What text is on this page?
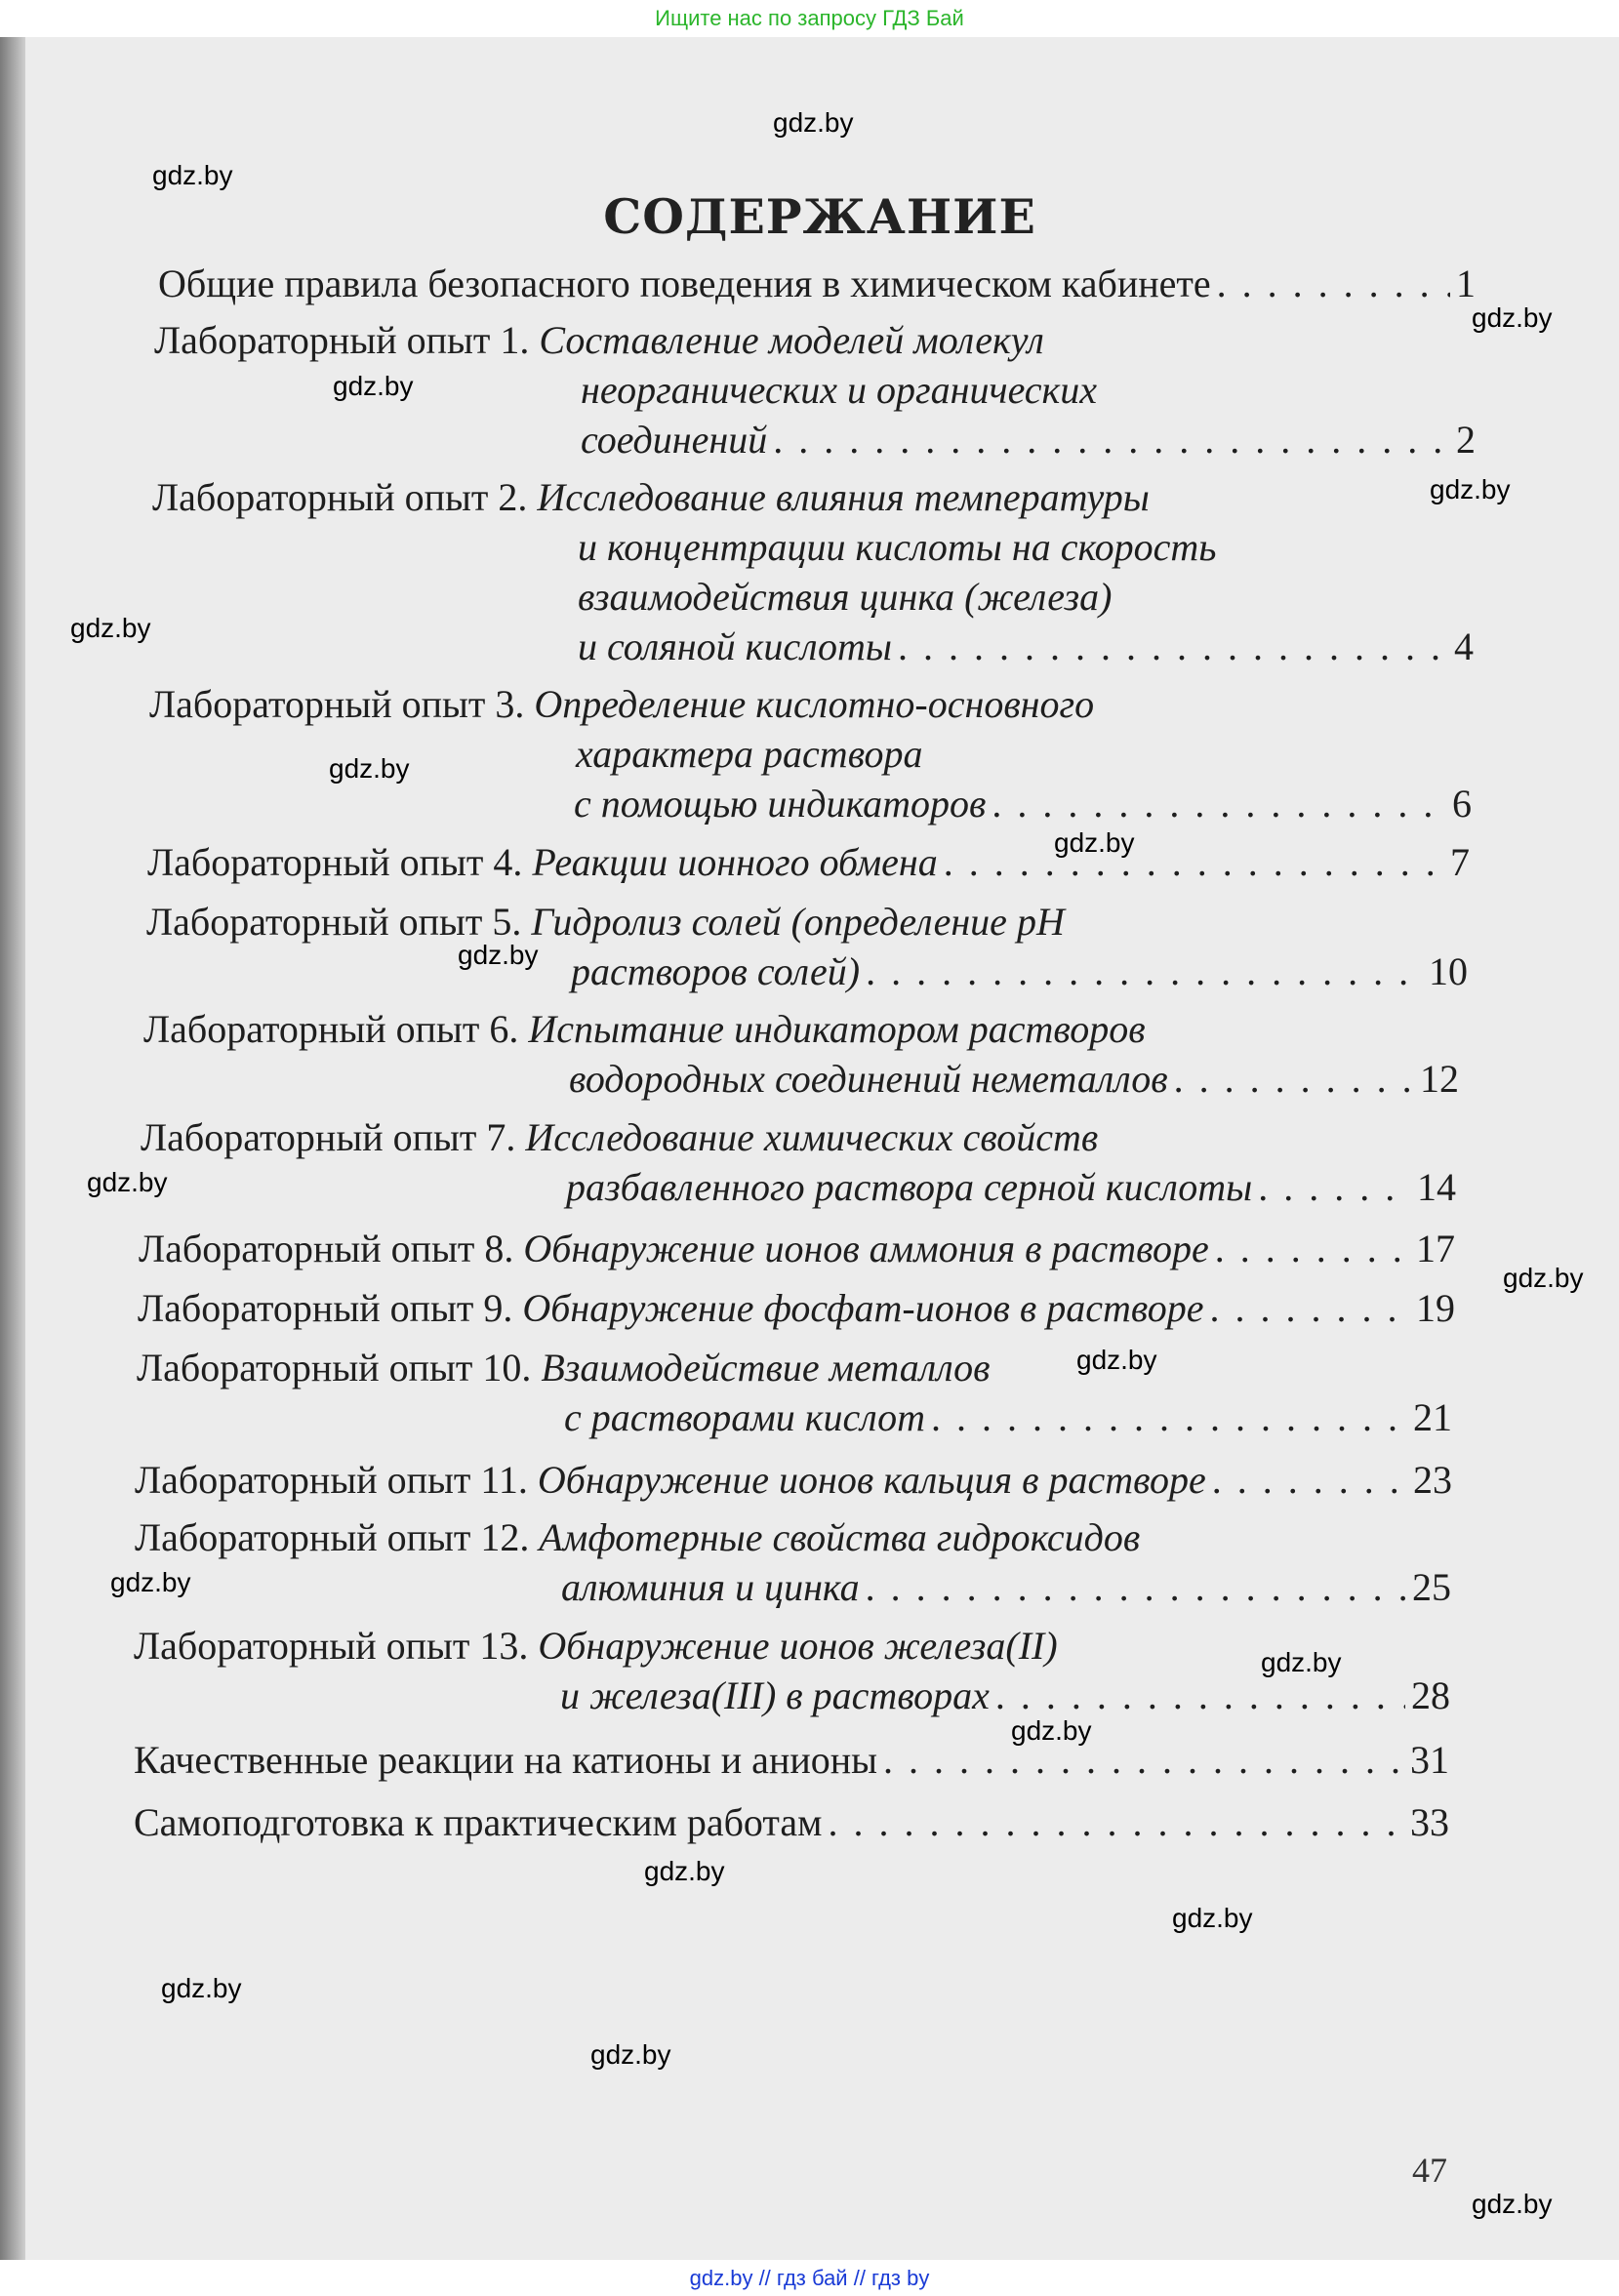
Ищите нас по запросу ГДЗ Бай
СОДЕРЖАНИЕ
Общие правила безопасного поведения в химическом кабинете . . .	1
Лабораторный опыт 1. Составление моделей молекул
неорганических и органических
соединений . . .	2
Лабораторный опыт 2. Исследование влияния температуры
и концентрации кислоты на скорость
взаимодействия цинка (железа)
и соляной кислоты . . .	4
Лабораторный опыт 3. Определение кислотно-основного
характера раствора
с помощью индикаторов . . .	6
Лабораторный опыт 4. Реакции ионного обмена . . .	7
Лабораторный опыт 5. Гидролиз солей (определение pH
растворов солей) . . .	10
Лабораторный опыт 6. Испытание индикатором растворов
водородных соединений неметаллов . . .	12
Лабораторный опыт 7. Исследование химических свойств
разбавленного раствора серной кислоты . . .	14
Лабораторный опыт 8. Обнаружение ионов аммония в растворе . . .	17
Лабораторный опыт 9. Обнаружение фосфат-ионов в растворе . . .	19
Лабораторный опыт 10. Взаимодействие металлов
с растворами кислот . . .	21
Лабораторный опыт 11. Обнаружение ионов кальция в растворе . . .	23
Лабораторный опыт 12. Амфотерные свойства гидроксидов
алюминия и цинка . . .	25
Лабораторный опыт 13. Обнаружение ионов железа(II)
и железа(III) в растворах . . .	28
Качественные реакции на катионы и анионы . . .	31
Самоподготовка к практическим работам . . .	33
gdz.by
gdz.by
gdz.by
gdz.by
gdz.by
gdz.by
gdz.by
gdz.by
gdz.by
gdz.by
gdz.by
gdz.by
gdz.by
gdz.by
gdz.by
gdz.by
gdz.by
gdz.by
gdz.by
gdz.by
47
gdz.by // гдз бай // гдз by
